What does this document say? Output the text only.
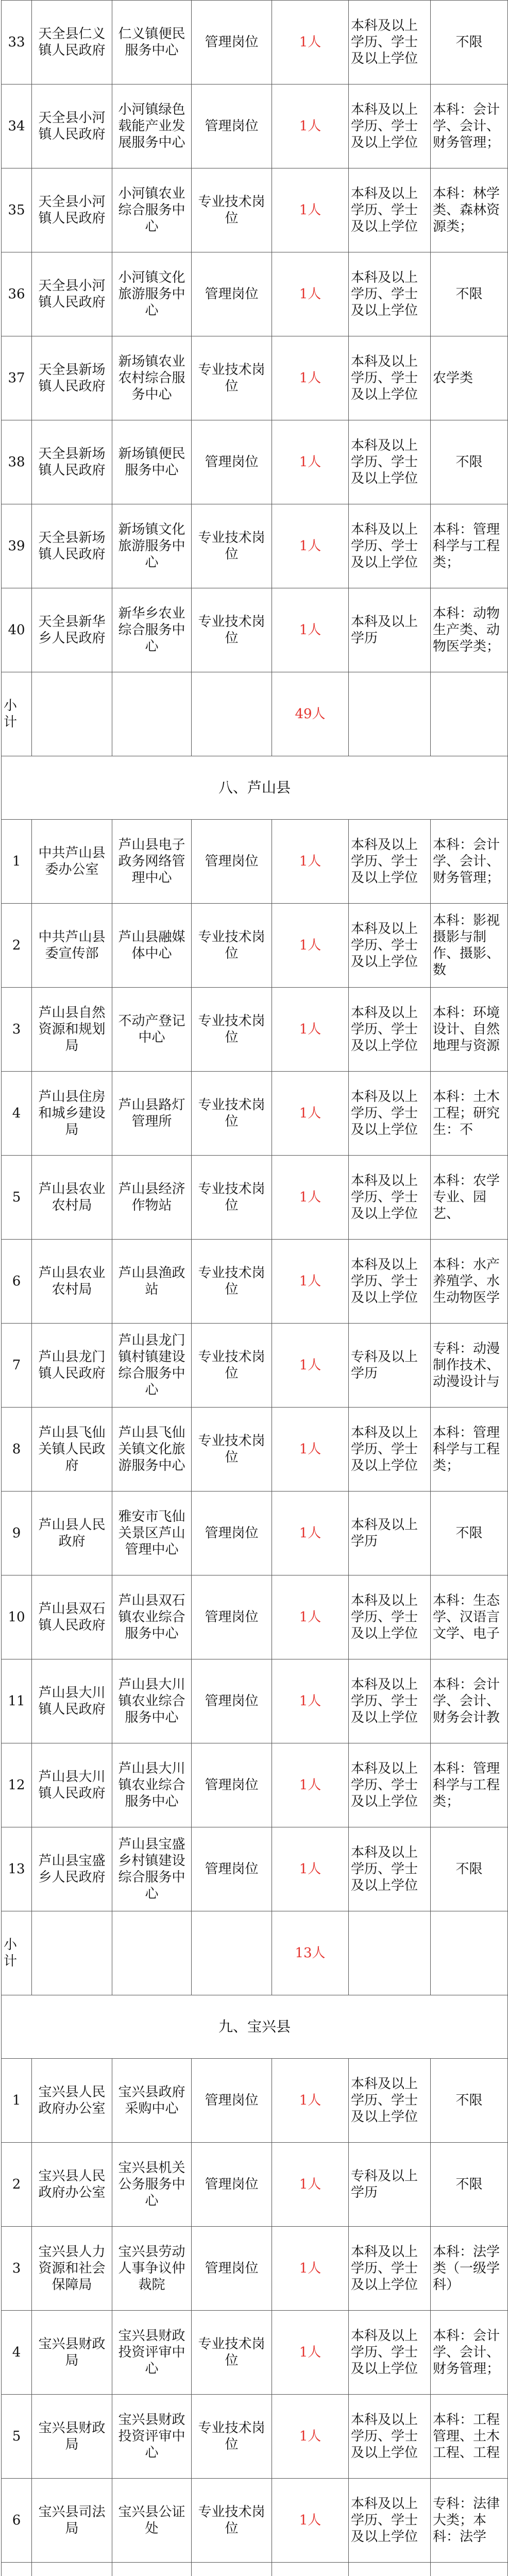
33	天全县仁义镇人民政府	仁义镇便民服务中心	管理岗位	1人	本科及以上学历、学士及以上学位	不限
34	天全县小河镇人民政府	小河镇绿色载能产业发展服务中心	管理岗位	1人	本科及以上学历、学士及以上学位	本科：会计学、会计、财务管理；
35	天全县小河镇人民政府	小河镇农业综合服务中心	专业技术岗位	1人	本科及以上学历、学士及以上学位	本科：林学类、森林资源类；
36	天全县小河镇人民政府	小河镇文化旅游服务中心	管理岗位	1人	本科及以上学历、学士及以上学位	不限
37	天全县新场镇人民政府	新场镇农业农村综合服务中心	专业技术岗位	1人	本科及以上学历、学士及以上学位	农学类
38	天全县新场镇人民政府	新场镇便民服务中心	管理岗位	1人	本科及以上学历、学士及以上学位	不限
39	天全县新场镇人民政府	新场镇文化旅游服务中心	专业技术岗位	1人	本科及以上学历、学士及以上学位	本科：管理科学与工程类；
40	天全县新华乡人民政府	新华乡农业综合服务中心	专业技术岗位	1人	本科及以上学历	本科：动物生产类、动物医学类；
小计				49人		
八、芦山县						
1	中共芦山县委办公室	芦山县电子政务网络管理中心	管理岗位	1人	本科及以上学历、学士及以上学位	本科：会计学、会计、财务管理；
2	中共芦山县委宣传部	芦山县融媒体中心	专业技术岗位	1人	本科及以上学历、学士及以上学位	本科：影视摄影与制作、摄影、数
3	芦山县自然资源和规划局	不动产登记中心	专业技术岗位	1人	本科及以上学历、学士及以上学位	本科：环境设计、自然地理与资源
4	芦山县住房和城乡建设局	芦山县路灯管理所	专业技术岗位	1人	本科及以上学历、学士及以上学位	本科：土木工程；研究生：不
5	芦山县农业农村局	芦山县经济作物站	专业技术岗位	1人	本科及以上学历、学士及以上学位	本科：农学专业、园艺、
6	芦山县农业农村局	芦山县渔政站	专业技术岗位	1人	本科及以上学历、学士及以上学位	本科：水产养殖学、水生动物医学
7	芦山县龙门镇人民政府	芦山县龙门镇村镇建设综合服务中心	专业技术岗位	1人	专科及以上学历	专科：动漫制作技术、动漫设计与
8	芦山县飞仙关镇人民政府	芦山县飞仙关镇文化旅游服务中心	专业技术岗位	1人	本科及以上学历、学士及以上学位	本科：管理科学与工程类；
9	芦山县人民政府	雅安市飞仙关景区芦山管理中心	管理岗位	1人	本科及以上学历	不限
10	芦山县双石镇人民政府	芦山县双石镇农业综合服务中心	管理岗位	1人	本科及以上学历、学士及以上学位	本科：生态学、汉语言文学、电子
11	芦山县大川镇人民政府	芦山县大川镇农业综合服务中心	管理岗位	1人	本科及以上学历、学士及以上学位	本科：会计学、会计、财务会计教
12	芦山县大川镇人民政府	芦山县大川镇农业综合服务中心	管理岗位	1人	本科及以上学历、学士及以上学位	本科：管理科学与工程类；
13	芦山县宝盛乡人民政府	芦山县宝盛乡村镇建设综合服务中心	管理岗位	1人	本科及以上学历、学士及以上学位	不限
小计				13人		
九、宝兴县						
1	宝兴县人民政府办公室	宝兴县政府采购中心	管理岗位	1人	本科及以上学历、学士及以上学位	不限
2	宝兴县人民政府办公室	宝兴县机关公务服务中心	管理岗位	1人	专科及以上学历	不限
3	宝兴县人力资源和社会保障局	宝兴县劳动人事争议仲裁院	管理岗位	1人	本科及以上学历、学士及以上学位	本科：法学类（一级学科）
4	宝兴县财政局	宝兴县财政投资评审中心	专业技术岗位	1人	本科及以上学历、学士及以上学位	本科：会计学、会计、财务管理；
5	宝兴县财政局	宝兴县财政投资评审中心	专业技术岗位	1人	本科及以上学历、学士及以上学位	本科：工程管理、土木工程、工程
6	宝兴县司法局	宝兴县公证处	专业技术岗位	1人	本科及以上学历、学士及以上学位	专科：法律大类；本科：法学
